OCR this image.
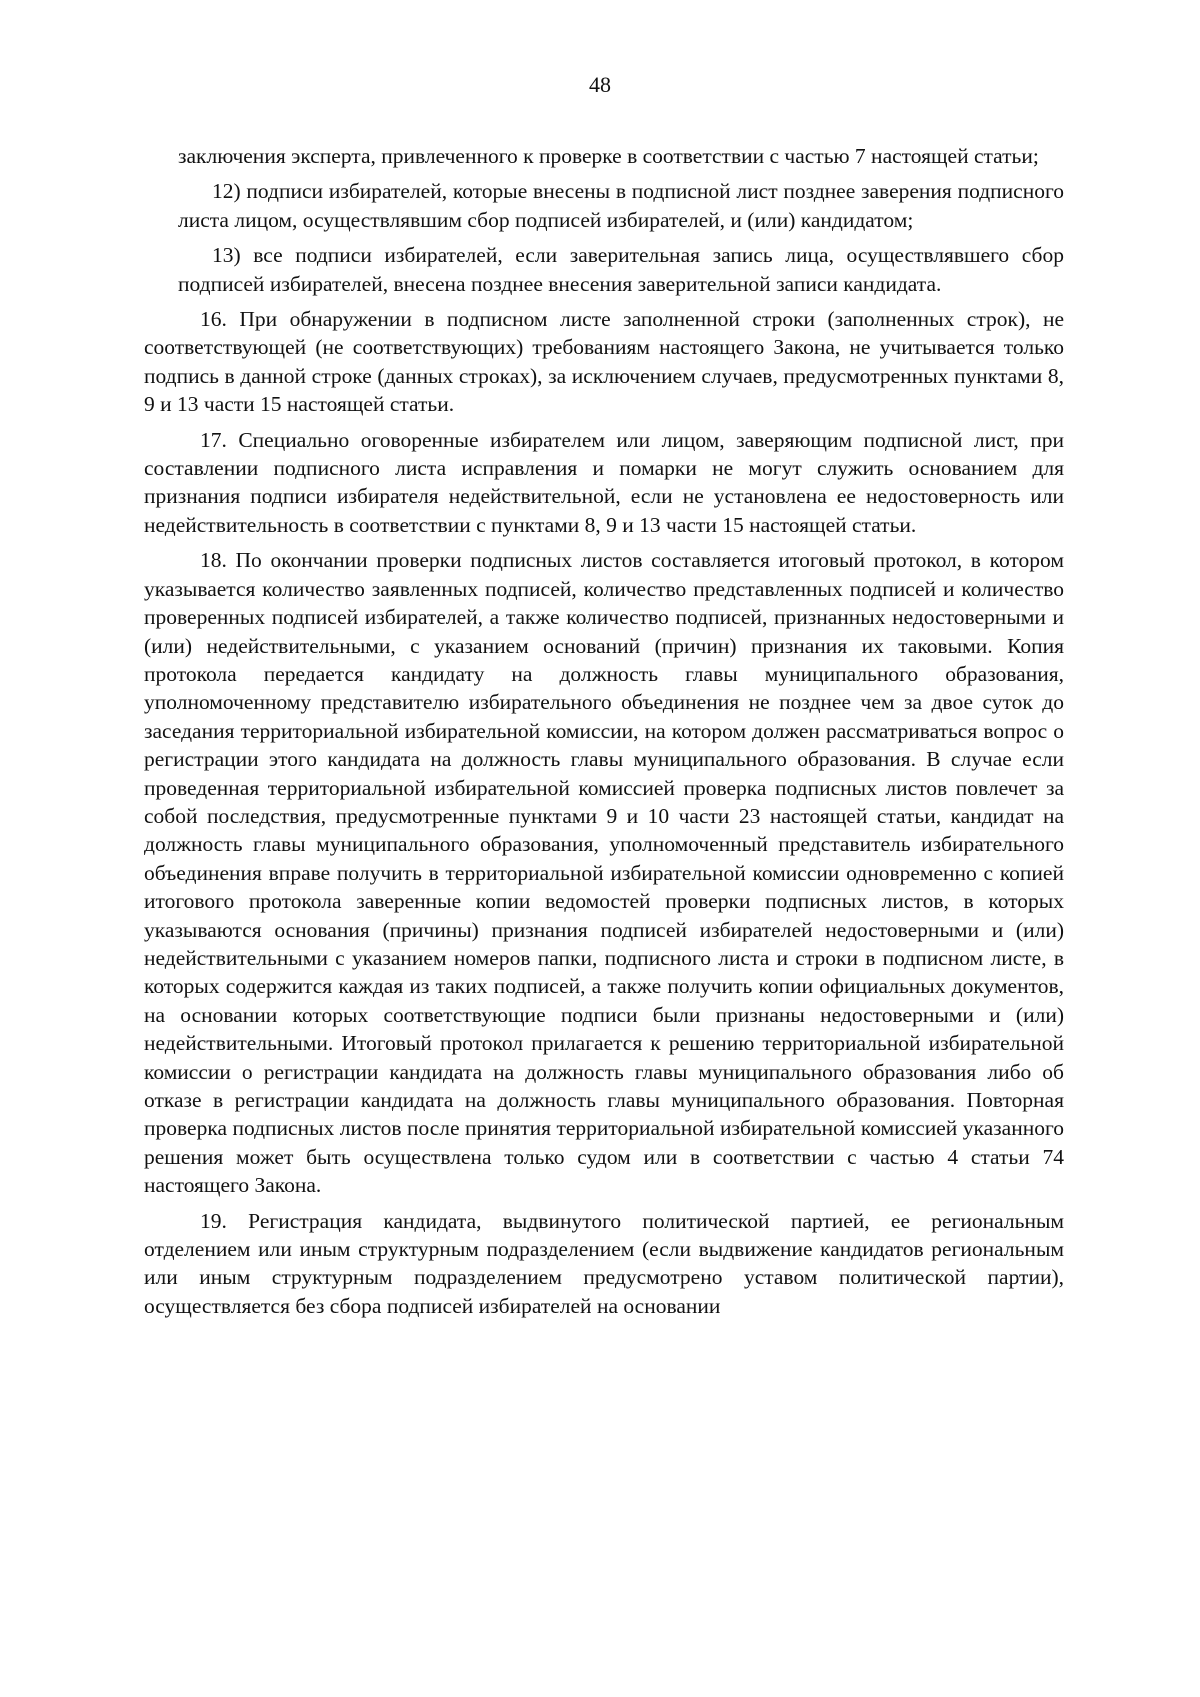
48

заключения эксперта, привлеченного к проверке в соответствии с частью 7 настоящей статьи;

12) подписи избирателей, которые внесены в подписной лист позднее заверения подписного листа лицом, осуществлявшим сбор подписей избирателей, и (или) кандидатом;

13) все подписи избирателей, если заверительная запись лица, осуществлявшего сбор подписей избирателей, внесена позднее внесения заверительной записи кандидата.

16. При обнаружении в подписном листе заполненной строки (заполненных строк), не соответствующей (не соответствующих) требованиям настоящего Закона, не учитывается только подпись в данной строке (данных строках), за исключением случаев, предусмотренных пунктами 8, 9 и 13 части 15 настоящей статьи.

17. Специально оговоренные избирателем или лицом, заверяющим подписной лист, при составлении подписного листа исправления и помарки не могут служить основанием для признания подписи избирателя недействительной, если не установлена ее недостоверность или недействительность в соответствии с пунктами 8, 9 и 13 части 15 настоящей статьи.

18. По окончании проверки подписных листов составляется итоговый протокол, в котором указывается количество заявленных подписей, количество представленных подписей и количество проверенных подписей избирателей, а также количество подписей, признанных недостоверными и (или) недействительными, с указанием оснований (причин) признания их таковыми. Копия протокола передается кандидату на должность главы муниципального образования, уполномоченному представителю избирательного объединения не позднее чем за двое суток до заседания территориальной избирательной комиссии, на котором должен рассматриваться вопрос о регистрации этого кандидата на должность главы муниципального образования. В случае если проведенная территориальной избирательной комиссией проверка подписных листов повлечет за собой последствия, предусмотренные пунктами 9 и 10 части 23 настоящей статьи, кандидат на должность главы муниципального образования, уполномоченный представитель избирательного объединения вправе получить в территориальной избирательной комиссии одновременно с копией итогового протокола заверенные копии ведомостей проверки подписных листов, в которых указываются основания (причины) признания подписей избирателей недостоверными и (или) недействительными с указанием номеров папки, подписного листа и строки в подписном листе, в которых содержится каждая из таких подписей, а также получить копии официальных документов, на основании которых соответствующие подписи были признаны недостоверными и (или) недействительными. Итоговый протокол прилагается к решению территориальной избирательной комиссии о регистрации кандидата на должность главы муниципального образования либо об отказе в регистрации кандидата на должность главы муниципального образования. Повторная проверка подписных листов после принятия территориальной избирательной комиссией указанного решения может быть осуществлена только судом или в соответствии с частью 4 статьи 74 настоящего Закона.

19. Регистрация кандидата, выдвинутого политической партией, ее региональным отделением или иным структурным подразделением (если выдвижение кандидатов региональным или иным структурным подразделением предусмотрено уставом политической партии), осуществляется без сбора подписей избирателей на основании
